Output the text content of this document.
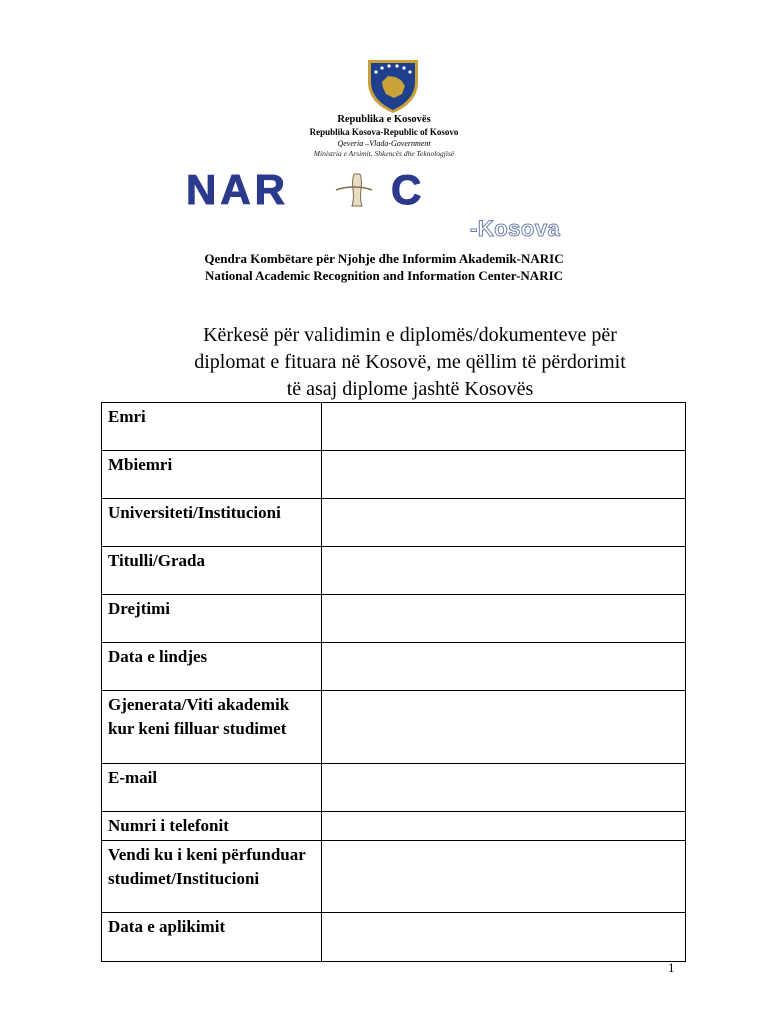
Republika e Kosovës
Republika Kosova-Republic of Kosovo
Qeveria –Vlada-Government
Ministria e Arsimit, Shkencës dhe Teknologjisë
NAR C
-Kosova
Qendra Kombëtare për Njohje dhe Informim Akademik-NARIC
National Academic Recognition and Information Center-NARIC
Kërkesë për validimin e diplomës/dokumenteve për
diplomat e fituara në Kosovë, me qëllim të përdorimit
të asaj diplome jashtë Kosovës
Emri	
Mbiemri	
Universiteti/Institucioni	
Titulli/Grada	
Drejtimi	
Data e lindjes	
Gjenerata/Viti akademik kur keni filluar studimet	
E-mail	
Numri i telefonit	
Vendi ku i keni përfunduar studimet/Institucioni	
Data e aplikimit	
1
